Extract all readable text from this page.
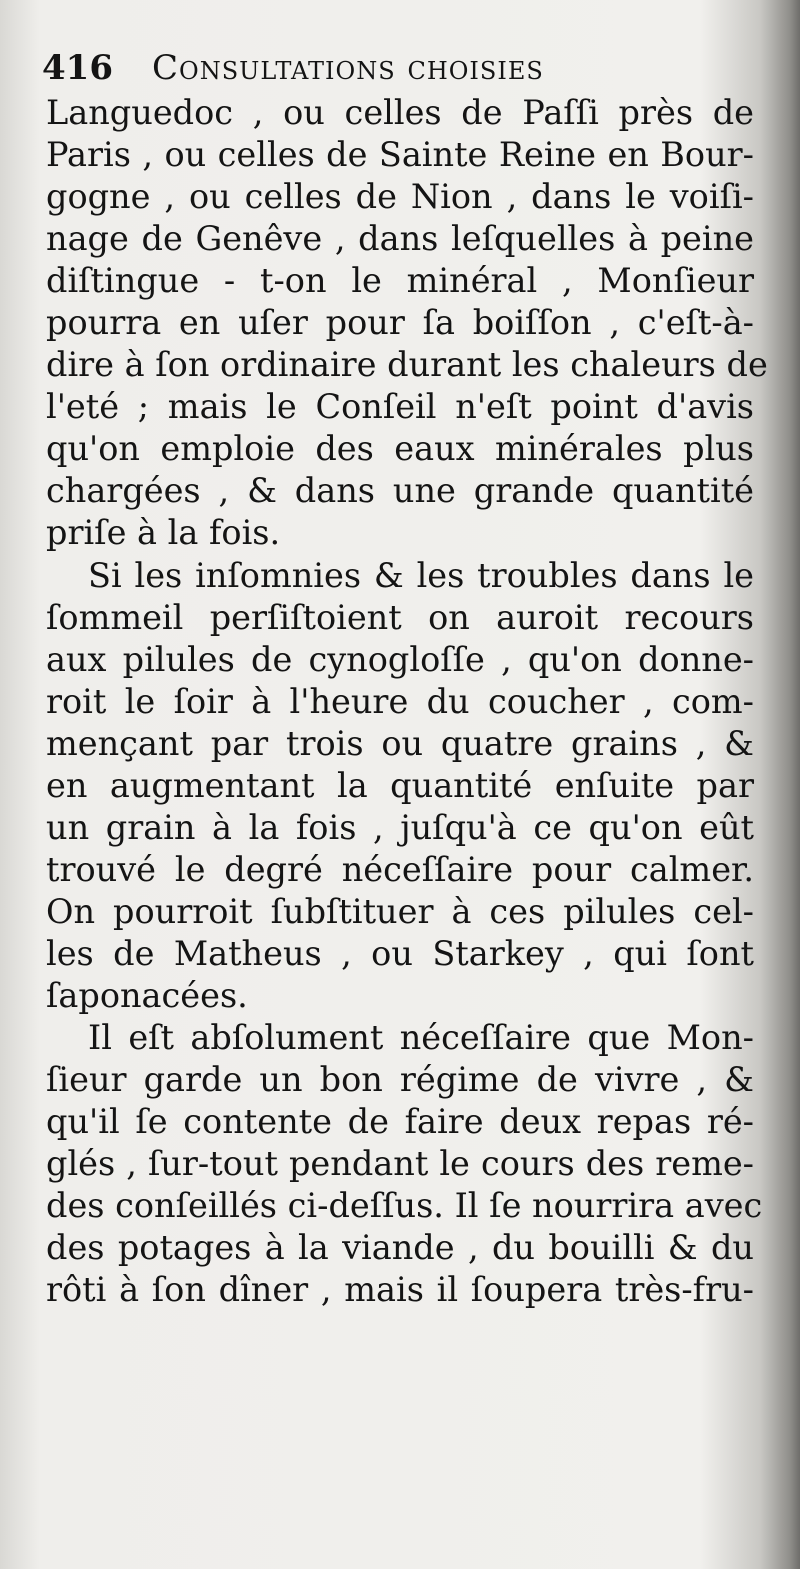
416 Consultations choisies
Languedoc , ou celles de Paſſi près de
Paris , ou celles de Sainte Reine en Bour-
gogne , ou celles de Nion , dans le voiſi-
nage de Genêve , dans leſquelles à peine
diſtingue - t-on le minéral , Monſieur
pourra en uſer pour ſa boiſſon , c'eſt-à-
dire à ſon ordinaire durant les chaleurs de
l'eté ; mais le Conſeil n'eſt point d'avis
qu'on emploie des eaux minérales plus
chargées , & dans une grande quantité
priſe à la fois.
Si les inſomnies & les troubles dans le
ſommeil perſiſtoient on auroit recours
aux pilules de cynogloſſe , qu'on donne-
roit le ſoir à l'heure du coucher , com-
mençant par trois ou quatre grains , &
en augmentant la quantité enſuite par
un grain à la fois , juſqu'à ce qu'on eût
trouvé le degré néceſſaire pour calmer.
On pourroit ſubſtituer à ces pilules cel-
les de Matheus , ou Starkey , qui ſont
ſaponacées.
Il eſt abſolument néceſſaire que Mon-
ſieur garde un bon régime de vivre , &
qu'il ſe contente de faire deux repas ré-
glés , ſur-tout pendant le cours des reme-
des conſeillés ci-deſſus. Il ſe nourrira avec
des potages à la viande , du bouilli & du
rôti à ſon dîner , mais il ſoupera très-fru-
